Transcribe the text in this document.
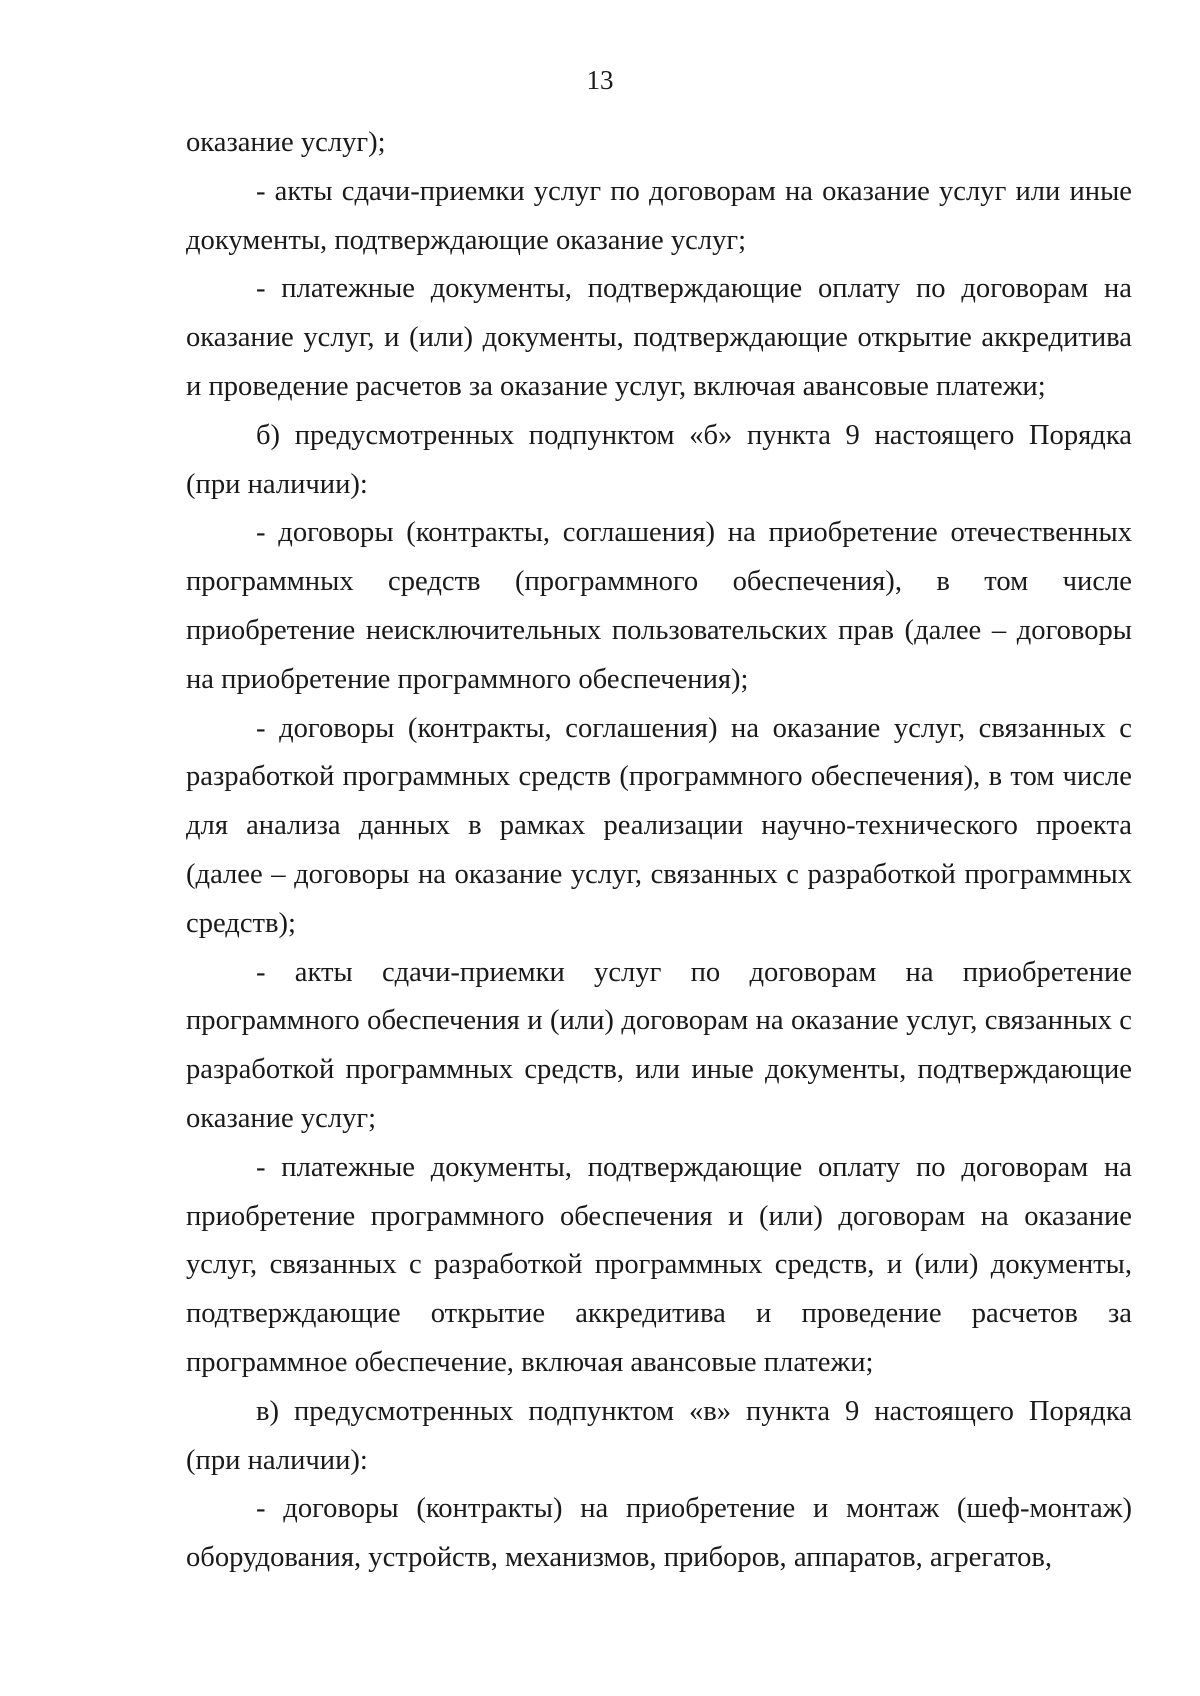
13

оказание услуг);

- акты сдачи-приемки услуг по договорам на оказание услуг или иные документы, подтверждающие оказание услуг;

- платежные документы, подтверждающие оплату по договорам на оказание услуг, и (или) документы, подтверждающие открытие аккредитива и проведение расчетов за оказание услуг, включая авансовые платежи;

б) предусмотренных подпунктом «б» пункта 9 настоящего Порядка (при наличии):

- договоры (контракты, соглашения) на приобретение отечественных программных средств (программного обеспечения), в том числе приобретение неисключительных пользовательских прав (далее – договоры на приобретение программного обеспечения);

- договоры (контракты, соглашения) на оказание услуг, связанных с разработкой программных средств (программного обеспечения), в том числе для анализа данных в рамках реализации научно-технического проекта (далее – договоры на оказание услуг, связанных с разработкой программных средств);

- акты сдачи-приемки услуг по договорам на приобретение программного обеспечения и (или) договорам на оказание услуг, связанных с разработкой программных средств, или иные документы, подтверждающие оказание услуг;

- платежные документы, подтверждающие оплату по договорам на приобретение программного обеспечения и (или) договорам на оказание услуг, связанных с разработкой программных средств, и (или) документы, подтверждающие открытие аккредитива и проведение расчетов за программное обеспечение, включая авансовые платежи;

в) предусмотренных подпунктом «в» пункта 9 настоящего Порядка (при наличии):

- договоры (контракты) на приобретение и монтаж (шеф-монтаж) оборудования, устройств, механизмов, приборов, аппаратов, агрегатов,
